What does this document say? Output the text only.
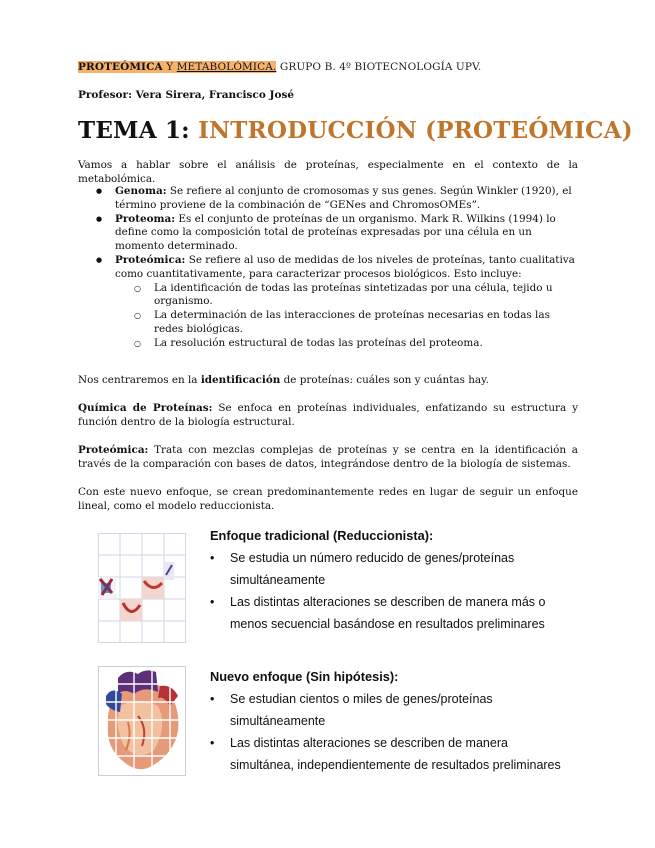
PROTEÓMICA Y METABOLÓMICA. GRUPO B. 4º BIOTECNOLOGÍA UPV.
Profesor: Vera Sirera, Francisco José
TEMA 1: INTRODUCCIÓN (PROTEÓMICA)
Vamos a hablar sobre el análisis de proteínas, especialmente en el contexto de la metabolómica.
● Genoma: Se refiere al conjunto de cromosomas y sus genes. Según Winkler (1920), el término proviene de la combinación de “GENes and ChromosOMEs”.
● Proteoma: Es el conjunto de proteínas de un organismo. Mark R. Wilkins (1994) lo define como la composición total de proteínas expresadas por una célula en un momento determinado.
● Proteómica: Se refiere al uso de medidas de los niveles de proteínas, tanto cualitativa como cuantitativamente, para caracterizar procesos biológicos. Esto incluye:
○ La identificación de todas las proteínas sintetizadas por una célula, tejido u organismo.
○ La determinación de las interacciones de proteínas necesarias en todas las redes biológicas.
○ La resolución estructural de todas las proteínas del proteoma.
Nos centraremos en la identificación de proteínas: cuáles son y cuántas hay.
Química de Proteínas: Se enfoca en proteínas individuales, enfatizando su estructura y función dentro de la biología estructural.
Proteómica: Trata con mezclas complejas de proteínas y se centra en la identificación a través de la comparación con bases de datos, integrándose dentro de la biología de sistemas.
Con este nuevo enfoque, se crean predominantemente redes en lugar de seguir un enfoque lineal, como el modelo reduccionista.
Enfoque tradicional (Reduccionista):
• Se estudia un número reducido de genes/proteínas
simultáneamente
• Las distintas alteraciones se describen de manera más o
menos secuencial basándose en resultados preliminares
Nuevo enfoque (Sin hipótesis):
• Se estudian cientos o miles de genes/proteínas
simultáneamente
• Las distintas alteraciones se describen de manera
simultánea, independientemente de resultados preliminares
